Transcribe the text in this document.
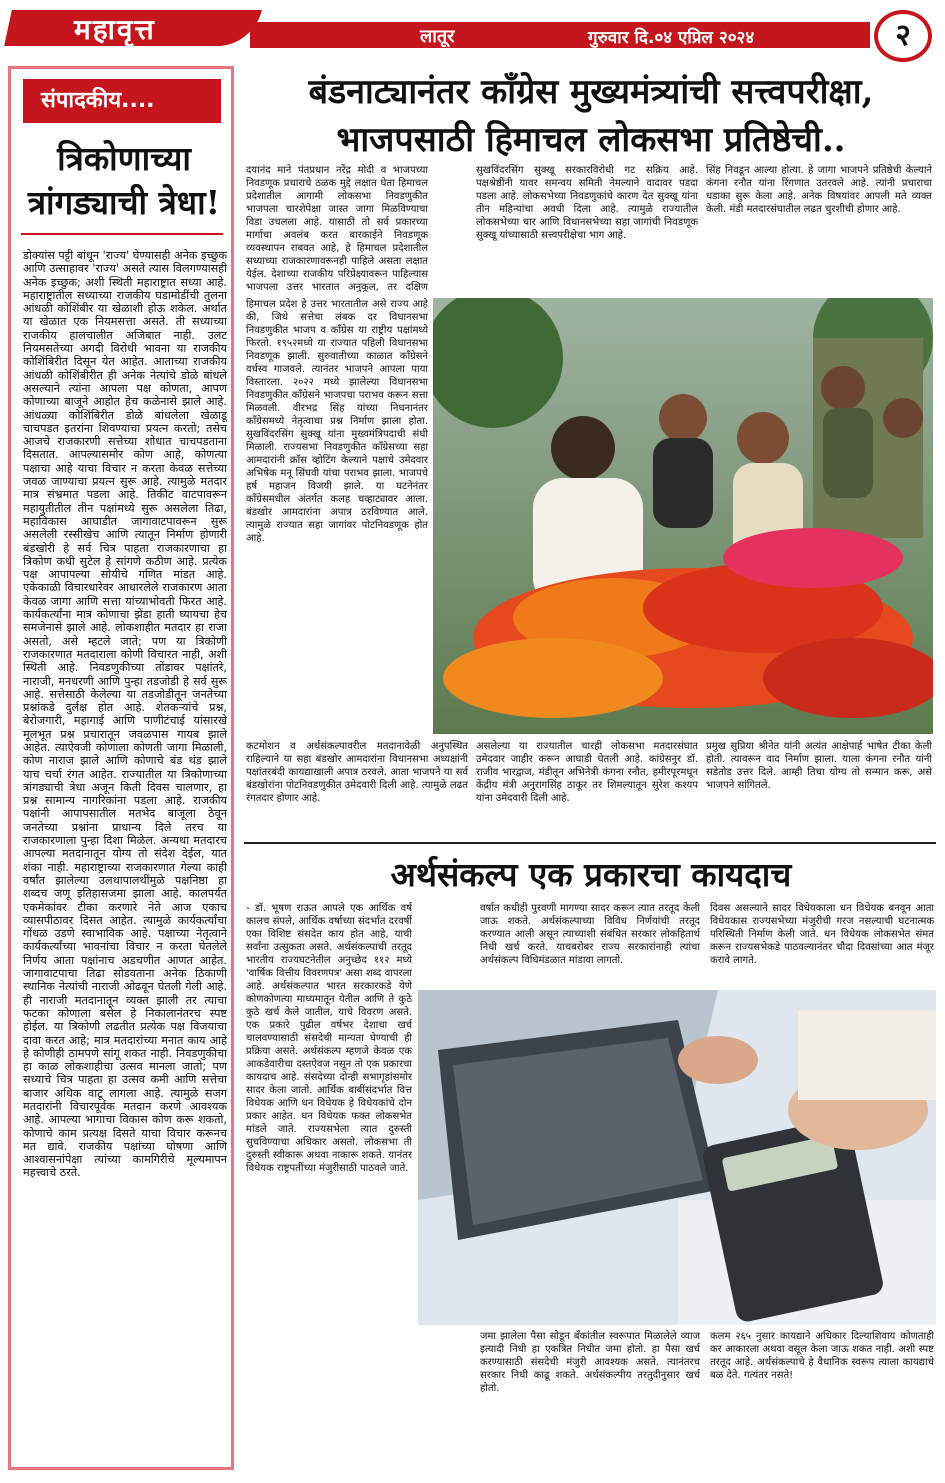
महावृत्त	लातूर	गुरुवार दि.०४ एप्रिल २०२४	२
संपादकीय....
त्रिकोणाच्या त्रांगड्याची त्रेधा!
डोक्यांस पट्टी बांधून 'राज्य' घेण्यासही अनेक इच्छुक आणि उत्साहावर 'राज्य' असते त्यास विलगण्यासही अनेक इच्छुक; अशी स्थिती महाराष्ट्रात सध्या आहे. महाराष्ट्रातील सध्याच्या राजकीय घडामोडींची तुलना आंधळी कोशिंबीर या खेळाशी होऊ शकेल. अर्थात या खेळात एक नियमसत्ता असते. ती सध्याच्या राजकीय हालचालीत अजिबात नाही. उलट नियमसतेच्या अगदी विरोधी भावना या राजकीय कोशिंबिरीत दिसून येत आहेत. आताच्या राजकीय आंधळी कोशिंबीरीत ही अनेक नेत्यांचे डोळे बांधले असल्याने त्यांना आपला पक्ष कोणता, आपण कोणाच्या बाजूने आहोत हेच कळेनासे झाले आहे. आंधळ्या कोशिंबिरीत डोळे बांधलेला खेळाडू चाचपडत इतरांना शिवण्याचा प्रयत्न करतो; तसेच आजचे राजकारणी सत्तेच्या शोधात चाचपडताना दिसतात. आपल्यासमोर कोण आहे, कोणत्या पक्षाचा आहे याचा विचार न करता केवळ सत्तेच्या जवळ जाण्याचा प्रयत्न सुरू आहे. त्यामुळे मतदार मात्र संभ्रमात पडला आहे. तिकीट वाटपावरून महायुतीतील तीन पक्षांमध्ये सुरू असलेला तिढा, महाविकास आघाडीत जागावाटपावरून सुरू असलेली रस्सीखेच आणि त्यातून निर्माण होणारी बंडखोरी हे सर्व चित्र पाहता राजकारणाचा हा त्रिकोण कधी सुटेल हे सांगणे कठीण आहे. प्रत्येक पक्ष आपापल्या सोयीचे गणित मांडत आहे. एकेकाळी विचारधारेवर आधारलेले राजकारण आता केवळ जागा आणि सत्ता यांच्याभोवती फिरत आहे. कार्यकर्त्यांना मात्र कोणाचा झेंडा हाती घ्यायचा हेच समजेनासे झाले आहे. लोकशाहीत मतदार हा राजा असतो, असे म्हटले जाते; पण या त्रिकोणी राजकारणात मतदाराला कोणी विचारत नाही, अशी स्थिती आहे. निवडणुकीच्या तोंडावर पक्षांतरे, नाराजी, मनधरणी आणि पुन्हा तडजोडी हे सर्व सुरू आहे. सत्तेसाठी केलेल्या या तडजोडीतून जनतेच्या प्रश्नांकडे दुर्लक्ष होत आहे. शेतकऱ्यांचे प्रश्न, बेरोजगारी, महागाई आणि पाणीटंचाई यांसारखे मूलभूत प्रश्न प्रचारातून जवळपास गायब झाले आहेत. त्याऐवजी कोणाला कोणती जागा मिळाली, कोण नाराज झाले आणि कोणाचे बंड थंड झाले याच चर्चा रंगत आहेत. राज्यातील या त्रिकोणाच्या त्रांगड्याची त्रेधा अजून किती दिवस चालणार, हा प्रश्न सामान्य नागरिकांना पडला आहे. राजकीय पक्षांनी आपापसातील मतभेद बाजूला ठेवून जनतेच्या प्रश्नांना प्राधान्य दिले तरच या राजकारणाला पुन्हा दिशा मिळेल. अन्यथा मतदारच आपल्या मतदानातून योग्य तो संदेश देईल, यात शंका नाही. महाराष्ट्राच्या राजकारणात गेल्या काही वर्षांत झालेल्या उलथापालथींमुळे पक्षनिष्ठा हा शब्दच जणू इतिहासजमा झाला आहे. कालपर्यंत एकमेकांवर टीका करणारे नेते आज एकाच व्यासपीठावर दिसत आहेत. त्यामुळे कार्यकर्त्यांचा गोंधळ उडणे स्वाभाविक आहे. पक्षाच्या नेतृत्वाने कार्यकर्त्यांच्या भावनांचा विचार न करता घेतलेले निर्णय आता पक्षांनाच अडचणीत आणत आहेत. जागावाटपाचा तिढा सोडवताना अनेक ठिकाणी स्थानिक नेत्यांची नाराजी ओढवून घेतली गेली आहे. ही नाराजी मतदानातून व्यक्त झाली तर त्याचा फटका कोणाला बसेल हे निकालानंतरच स्पष्ट होईल. या त्रिकोणी लढतीत प्रत्येक पक्ष विजयाचा दावा करत आहे; मात्र मतदारांच्या मनात काय आहे हे कोणीही ठामपणे सांगू शकत नाही. निवडणुकीचा हा काळ लोकशाहीचा उत्सव मानला जातो; पण सध्याचे चित्र पाहता हा उत्सव कमी आणि सत्तेचा बाजार अधिक वाटू लागला आहे. त्यामुळे सजग मतदारांनी विचारपूर्वक मतदान करणे आवश्यक आहे. आपल्या भागाचा विकास कोण करू शकतो, कोणाचे काम प्रत्यक्ष दिसते याचा विचार करूनच मत द्यावे. राजकीय पक्षांच्या घोषणा आणि आश्वासनांपेक्षा त्यांच्या कामगिरीचे मूल्यमापन महत्त्वाचे ठरते.
बंडनाट्यानंतर काँग्रेस मुख्यमंत्र्यांची सत्त्वपरीक्षा, भाजपसाठी हिमाचल लोकसभा प्रतिष्ठेची..
दयानंद माने पंतप्रधान नरेंद्र मोदी व भाजपच्या निवडणूक प्रचाराचे ठळक मुद्दे लक्षात घेता हिमाचल प्रदेशातील आगामी लोकसभा निवडणुकीत भाजपला चारशेपेक्षा जास्त जागा मिळविण्याचा विडा उचलला आहे. यासाठी तो सर्व प्रकारच्या मार्गाचा अवलंब करत बारकाईने निवडणूक व्यवस्थापन राबवत आहे, हे हिमाचल प्रदेशातील सध्याच्या राजकारणावरूनही पाहिले असता लक्षात येईल. देशाच्या राजकीय परिप्रेक्ष्यावरून पाहिल्यास भाजपला उत्तर भारतात अनुकूल, तर दक्षिण
सुखविंदरसिंग सुक्खू सरकारविरोधी गट सक्रिय आहे. पक्षश्रेष्ठींनी यावर समन्वय समिती नेमल्याने वादावर पडदा पडला आहे. लोकसभेच्या निवडणुकांचे कारण देत सुक्खू यांना तीन महिन्यांचा अवधी दिला आहे. त्यामुळे राज्यातील लोकसभेच्या चार आणि विधानसभेच्या सहा जागांची निवडणूक सुक्खू यांच्यासाठी सत्त्वपरीक्षेचा भाग आहे.
सिंह निवडून आल्या होत्या. हे जागा भाजपने प्रतिष्ठेची केल्याने कंगना रनौत यांना रिंगणात उतरवले आहे. त्यांनी प्रचाराचा धडाका सुरू केला आहे. अनेक विषयांवर आपली मते व्यक्त केली. मंडी मतदारसंघातील लढत चुरशीची होणार आहे.
हिमाचल प्रदेश हे उत्तर भारतातील असे राज्य आहे की, जिथे सत्तेचा लंबक दर विधानसभा निवडणुकीत भाजप व काँग्रेस या राष्ट्रीय पक्षांमध्ये फिरतो. १९५२मध्ये या राज्यात पहिली विधानसभा निवडणूक झाली. सुरुवातीच्या काळात काँग्रेसने वर्चस्व गाजवले. त्यानंतर भाजपने आपला पाया विस्तारला. २०२२ मध्ये झालेल्या विधानसभा निवडणुकीत काँग्रेसने भाजपचा पराभव करून सत्ता मिळवली. वीरभद्र सिंह यांच्या निधनानंतर काँग्रेसमध्ये नेतृत्वाचा प्रश्न निर्माण झाला होता. सुखविंदरसिंग सुक्खू यांना मुख्यमंत्रिपदाची संधी मिळाली. राज्यसभा निवडणुकीत काँग्रेसच्या सहा आमदारांनी क्रॉस व्होटिंग केल्याने पक्षाचे उमेदवार अभिषेक मनू सिंघवी यांचा पराभव झाला. भाजपचे हर्ष महाजन विजयी झाले. या घटनेनंतर काँग्रेसमधील अंतर्गत कलह चव्हाट्यावर आला. बंडखोर आमदारांना अपात्र ठरविण्यात आले. त्यामुळे राज्यात सहा जागांवर पोटनिवडणूक होत आहे.
कटमोशन व अर्थसंकल्पावरील मतदानावेळी अनुपस्थित राहिल्याने या सहा बंडखोर आमदारांना विधानसभा अध्यक्षांनी पक्षांतरबंदी कायद्याखाली अपात्र ठरवले. आता भाजपने या सर्व बंडखोरांना पोटनिवडणुकीत उमेदवारी दिली आहे. त्यामुळे लढत रंगतदार होणार आहे.
असलेल्या या राज्यातील चारही लोकसभा मतदारसंघात उमेदवार जाहीर करून आघाडी घेतली आहे. कांग्रेसनुर डॉ. राजीव भारद्वाज, मंडीतून अभिनेत्री कंगना रनौत, हमीरपूरमधून केंद्रीय मंत्री अनुरागसिंह ठाकूर तर शिमल्यातून सुरेश कश्यप यांना उमेदवारी दिली आहे.
प्रमुख सुप्रिया श्रीनेत यांनी अत्यंत आक्षेपार्ह भाषेत टीका केली होती. त्यावरून वाद निर्माण झाला. याला कंगना रनौत यांनी सडेतोड उत्तर दिले. आम्ही तिचा योग्य तो सन्मान करू, असे भाजपने सांगितले.
अर्थसंकल्प एक प्रकारचा कायदाच
- डॉ. भूषण राऊत आपले एक आर्थिक वर्ष कालच संपले, आर्थिक वर्षाच्या संदर्भात दरवर्षी एका विशिष्ट संसदेत काय होत आहे, याची सर्वांना उत्सुकता असते. अर्थसंकल्पाची तरतूद भारतीय राज्यघटनेतील अनुच्छेद ११२ मध्ये 'वार्षिक वित्तीय विवरणपत्र' असा शब्द वापरला आहे. अर्थसंकल्पात भारत सरकारकडे येणे कोणकोणत्या माध्यमातून येतील आणि ते कुठे कुठे खर्च केले जातील, याचे विवरण असते. एक प्रकारे पुढील वर्षभर देशाचा खर्च चालवण्यासाठी संसदेची मान्यता घेण्याची ही प्रक्रिया असते. अर्थसंकल्प म्हणजे केवळ एक आकडेवारीचा दस्तऐवज नसून तो एक प्रकारचा कायदाच आहे. संसदेच्या दोन्ही सभागृहांसमोर सादर केला जातो. आर्थिक बाबींसंदर्भात वित्त विधेयक आणि धन विधेयक हे विधेयकांचे दोन प्रकार आहेत. धन विधेयक फक्त लोकसभेत मांडले जाते. राज्यसभेला त्यात दुरुस्ती सुचविण्याचा अधिकार असतो. लोकसभा ती दुरुस्ती स्वीकारू अथवा नाकारू शकते. यानंतर विधेयक राष्ट्रपतींच्या मंजुरीसाठी पाठवले जाते.
वर्षात कधीही पुरवणी मागण्या सादर करून त्यात तरतूद केली जाऊ शकते. अर्थसंकल्पाच्या विविध निर्णयांची तरतूद करण्यात आली असून त्याच्याशी संबंधित सरकार लोकहितार्थ निधी खर्च करते. याचबरोबर राज्य सरकारांनाही त्यांचा अर्थसंकल्प विधिमंडळात मांडावा लागतो.
दिवस असल्याने सादर विधेयकाला धन विधेयक बनवून आता विधेयकास राज्यसभेच्या मंजुरीची गरज नसल्याची घटनात्मक परिस्थिती निर्माण केली जाते. धन विधेयक लोकसभेत संमत करून राज्यसभेकडे पाठवल्यानंतर चौदा दिवसांच्या आत मंजूर करावे लागते.
जमा झालेला पैसा सोडून बँकांतील स्वरूपात मिळालेले व्याज इत्यादी निधी हा एकत्रित निधीत जमा होतो. हा पैसा खर्च करण्यासाठी संसदेची मंजुरी आवश्यक असते. त्यानंतरच सरकार निधी काढू शकते. अर्थसंकल्पीय तरतुदीनुसार खर्च होतो.
कलम २६५ नुसार कायद्याने अधिकार दिल्याशिवाय कोणताही कर आकारला अथवा वसूल केला जाऊ शकत नाही. अशी स्पष्ट तरतूद आहे. अर्थसंकल्पाचे हे वैधानिक स्वरूप त्याला कायद्याचे बळ देते. गत्यंतर नसते!
